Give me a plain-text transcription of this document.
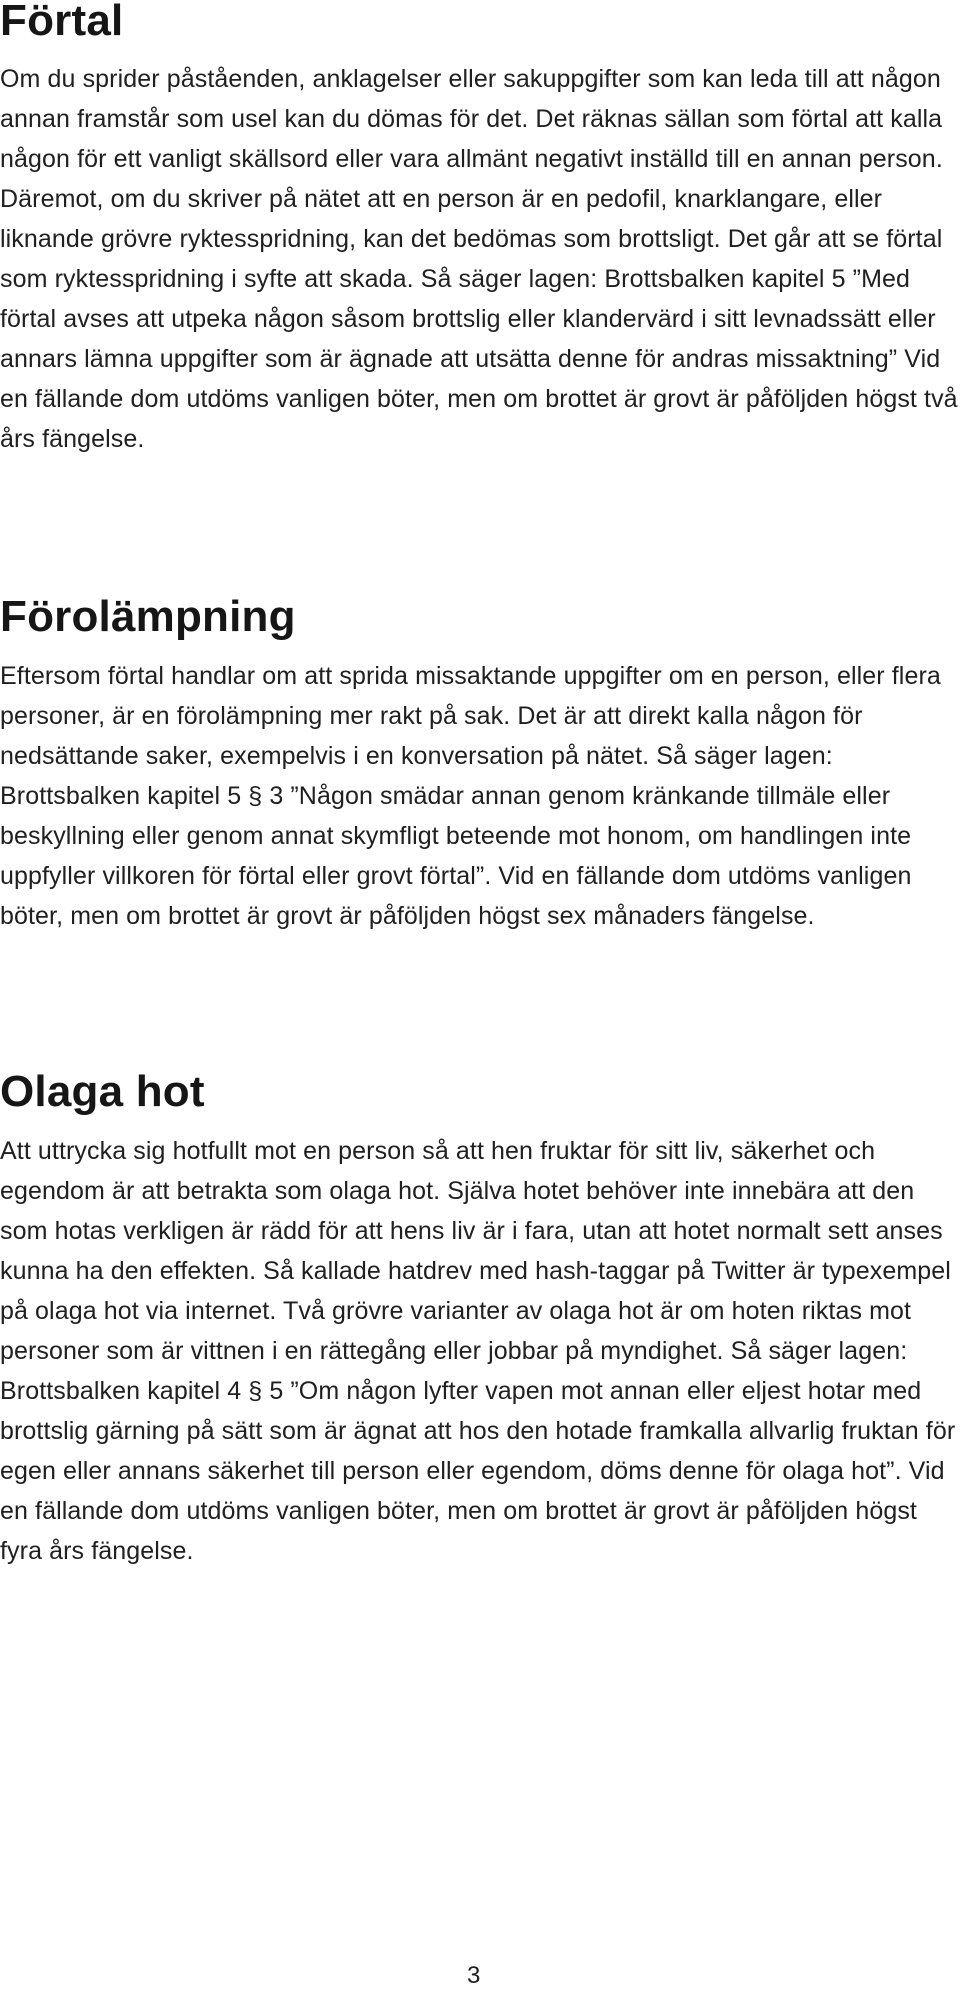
Förtal

Om du sprider påståenden, anklagelser eller sakuppgifter som kan leda till att någon annan framstår som usel kan du dömas för det. Det räknas sällan som förtal att kalla någon för ett vanligt skällsord eller vara allmänt negativt inställd till en annan person. Däremot, om du skriver på nätet att en person är en pedofil, knarklangare, eller liknande grövre ryktesspridning, kan det bedömas som brottsligt. Det går att se förtal som ryktesspridning i syfte att skada. Så säger lagen: Brottsbalken kapitel 5 ”Med förtal avses att utpeka någon såsom brottslig eller klandervärd i sitt levnadssätt eller annars lämna uppgifter som är ägnade att utsätta denne för andras missaktning” Vid en fällande dom utdöms vanligen böter, men om brottet är grovt är påföljden högst två års fängelse.

Förolämpning

Eftersom förtal handlar om att sprida missaktande uppgifter om en person, eller flera personer, är en förolämpning mer rakt på sak. Det är att direkt kalla någon för nedsättande saker, exempelvis i en konversation på nätet. Så säger lagen: Brottsbalken kapitel 5 § 3 ”Någon smädar annan genom kränkande tillmäle eller beskyllning eller genom annat skymfligt beteende mot honom, om handlingen inte uppfyller villkoren för förtal eller grovt förtal”. Vid en fällande dom utdöms vanligen böter, men om brottet är grovt är påföljden högst sex månaders fängelse.

Olaga hot

Att uttrycka sig hotfullt mot en person så att hen fruktar för sitt liv, säkerhet och egendom är att betrakta som olaga hot. Själva hotet behöver inte innebära att den som hotas verkligen är rädd för att hens liv är i fara, utan att hotet normalt sett anses kunna ha den effekten. Så kallade hatdrev med hash-taggar på Twitter är typexempel på olaga hot via internet. Två grövre varianter av olaga hot är om hoten riktas mot personer som är vittnen i en rättegång eller jobbar på myndighet. Så säger lagen: Brottsbalken kapitel 4 § 5 ”Om någon lyfter vapen mot annan eller eljest hotar med brottslig gärning på sätt som är ägnat att hos den hotade framkalla allvarlig fruktan för egen eller annans säkerhet till person eller egendom, döms denne för olaga hot”. Vid en fällande dom utdöms vanligen böter, men om brottet är grovt är påföljden högst fyra års fängelse.

3
